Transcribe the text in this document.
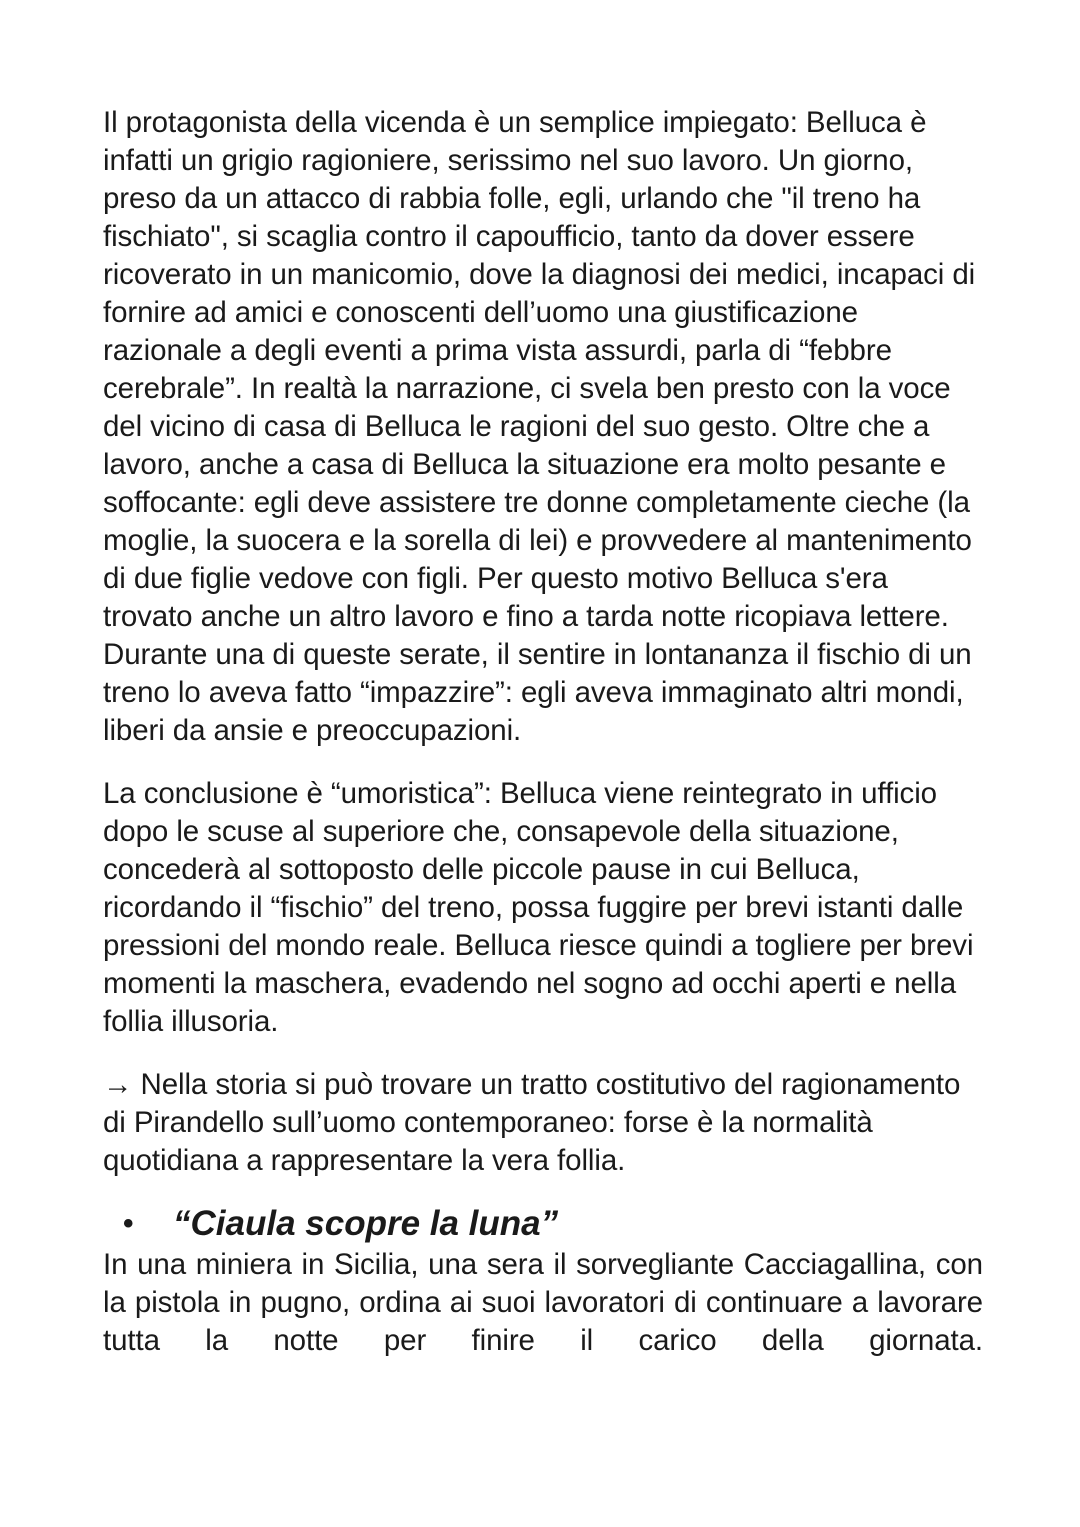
Il protagonista della vicenda è un semplice impiegato: Belluca è infatti un grigio ragioniere, serissimo nel suo lavoro. Un giorno, preso da un attacco di rabbia folle, egli, urlando che "il treno ha fischiato", si scaglia contro il capoufficio, tanto da dover essere ricoverato in un manicomio, dove la diagnosi dei medici, incapaci di fornire ad amici e conoscenti dell’uomo una giustificazione razionale a degli eventi a prima vista assurdi, parla di “febbre cerebrale”. In realtà la narrazione, ci svela ben presto con la voce del vicino di casa di Belluca le ragioni del suo gesto. Oltre che a lavoro, anche a casa di Belluca la situazione era molto pesante e soffocante: egli deve assistere tre donne completamente cieche (la moglie, la suocera e la sorella di lei) e provvedere al mantenimento di due figlie vedove con figli. Per questo motivo Belluca s'era trovato anche un altro lavoro e fino a tarda notte ricopiava lettere. Durante una di queste serate, il sentire in lontananza il fischio di un treno lo aveva fatto “impazzire”: egli aveva immaginato altri mondi, liberi da ansie e preoccupazioni.

La conclusione è “umoristica”: Belluca viene reintegrato in ufficio dopo le scuse al superiore che, consapevole della situazione, concederà al sottoposto delle piccole pause in cui Belluca, ricordando il “fischio” del treno, possa fuggire per brevi istanti dalle pressioni del mondo reale. Belluca riesce quindi a togliere per brevi momenti la maschera, evadendo nel sogno ad occhi aperti e nella follia illusoria.

→ Nella storia si può trovare un tratto costitutivo del ragionamento di Pirandello sull’uomo contemporaneo: forse è la normalità quotidiana a rappresentare la vera follia.

•	“Ciaula scopre la luna”

In una miniera in Sicilia, una sera il sorvegliante Cacciagallina, con la pistola in pugno, ordina ai suoi lavoratori di continuare a lavorare tutta la notte per finire il carico della giornata.
